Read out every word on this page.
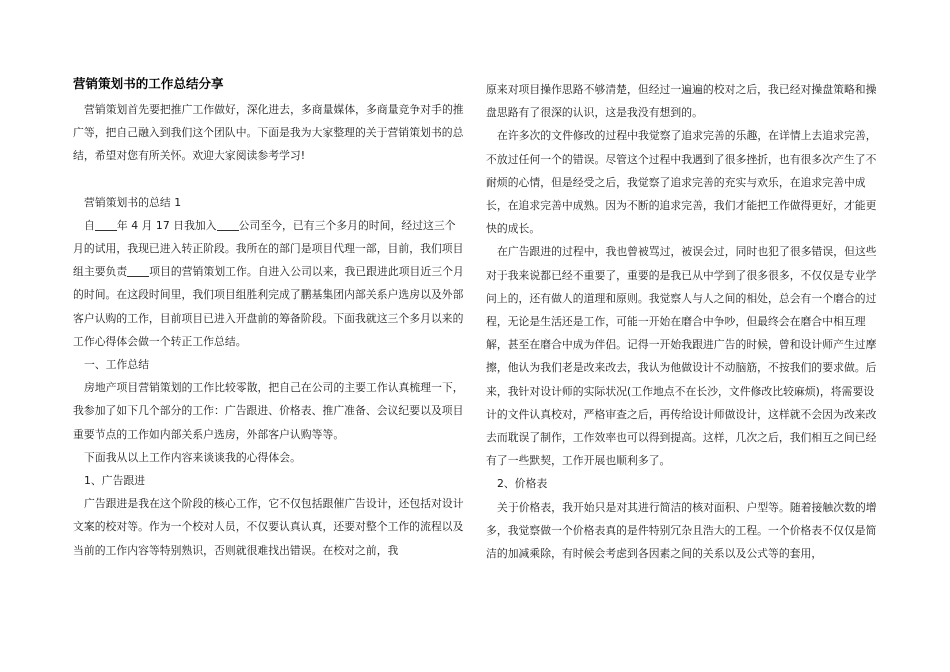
营销策划书的工作总结分享

营销策划首先要把推广工作做好，深化进去，多商量媒体，多商量竞争对手的推广等，把自己融入到我们这个团队中。下面是我为大家整理的关于营销策划书的总结，希望对您有所关怀。欢迎大家阅读参考学习!

营销策划书的总结 1

自 年 4 月 17 日我加入 公司至今，已有三个多月的时间，经过这三个月的试用，我现已进入转正阶段。我所在的部门是项目代理一部，目前，我们项目组主要负责 项目的营销策划工作。自进入公司以来，我已跟进此项目近三个月的时间。在这段时间里，我们项目组胜利完成了鹏基集团内部关系户选房以及外部客户认购的工作，目前项目已进入开盘前的筹备阶段。下面我就这三个多月以来的工作心得体会做一个转正工作总结。

一、工作总结

房地产项目营销策划的工作比较零散，把自己在公司的主要工作认真梳理一下，我参加了如下几个部分的工作：广告跟进、价格表、推广准备、会议纪要以及项目重要节点的工作如内部关系户选房，外部客户认购等等。

下面我从以上工作内容来谈谈我的心得体会。

1、广告跟进

广告跟进是我在这个阶段的核心工作，它不仅包括跟催广告设计，还包括对设计文案的校对等。作为一个校对人员，不仅要认真认真，还要对整个工作的流程以及当前的工作内容等特别熟识，否则就很难找出错误。在校对之前，我

原来对项目操作思路不够清楚，但经过一遍遍的校对之后，我已经对操盘策略和操盘思路有了很深的认识，这是我没有想到的。

在许多次的文件修改的过程中我觉察了追求完善的乐趣，在详情上去追求完善，不放过任何一个的错误。尽管这个过程中我遇到了很多挫折，也有很多次产生了不耐烦的心情，但是经受之后，我觉察了追求完善的充实与欢乐，在追求完善中成长，在追求完善中成熟。因为不断的追求完善，我们才能把工作做得更好，才能更快的成长。

在广告跟进的过程中，我也曾被骂过，被误会过，同时也犯了很多错误，但这些对于我来说都已经不重要了，重要的是我已从中学到了很多很多，不仅仅是专业学问上的，还有做人的道理和原则。我觉察人与人之间的相处，总会有一个磨合的过程，无论是生活还是工作，可能一开始在磨合中争吵，但最终会在磨合中相互理解，甚至在磨合中成为伴侣。记得一开始我跟进广告的时候，曾和设计师产生过摩擦，他认为我们老是改来改去，我认为他做设计不动脑筋，不按我们的要求做。后来，我针对设计师的实际状况(工作地点不在长沙，文件修改比较麻烦)，将需要设计的文件认真校对，严格审查之后，再传给设计师做设计，这样就不会因为改来改去而耽误了制作，工作效率也可以得到提高。这样，几次之后，我们相互之间已经有了一些默契，工作开展也顺利多了。

2、价格表

关于价格表，我开始只是对其进行简洁的核对面积、户型等。随着接触次数的增多，我觉察做一个价格表真的是件特别冗杂且浩大的工程。一个价格表不仅仅是简洁的加减乘除，有时候会考虑到各因素之间的关系以及公式等的套用，
